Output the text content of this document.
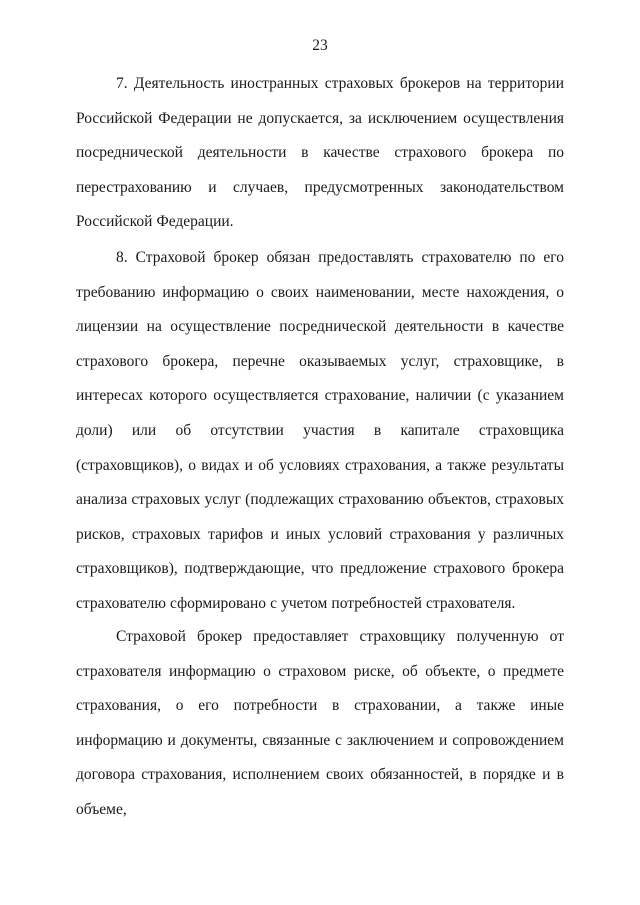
23

7. Деятельность иностранных страховых брокеров на территории Российской Федерации не допускается, за исключением осуществления посреднической деятельности в качестве страхового брокера по перестрахованию и случаев, предусмотренных законодательством Российской Федерации.

8. Страховой брокер обязан предоставлять страхователю по его требованию информацию о своих наименовании, месте нахождения, о лицензии на осуществление посреднической деятельности в качестве страхового брокера, перечне оказываемых услуг, страховщике, в интересах которого осуществляется страхование, наличии (с указанием доли) или об отсутствии участия в капитале страховщика (страховщиков), о видах и об условиях страхования, а также результаты анализа страховых услуг (подлежащих страхованию объектов, страховых рисков, страховых тарифов и иных условий страхования у различных страховщиков), подтверждающие, что предложение страхового брокера страхователю сформировано с учетом потребностей страхователя.

Страховой брокер предоставляет страховщику полученную от страхователя информацию о страховом риске, об объекте, о предмете страхования, о его потребности в страховании, а также иные информацию и документы, связанные с заключением и сопровождением договора страхования, исполнением своих обязанностей, в порядке и в объеме,
